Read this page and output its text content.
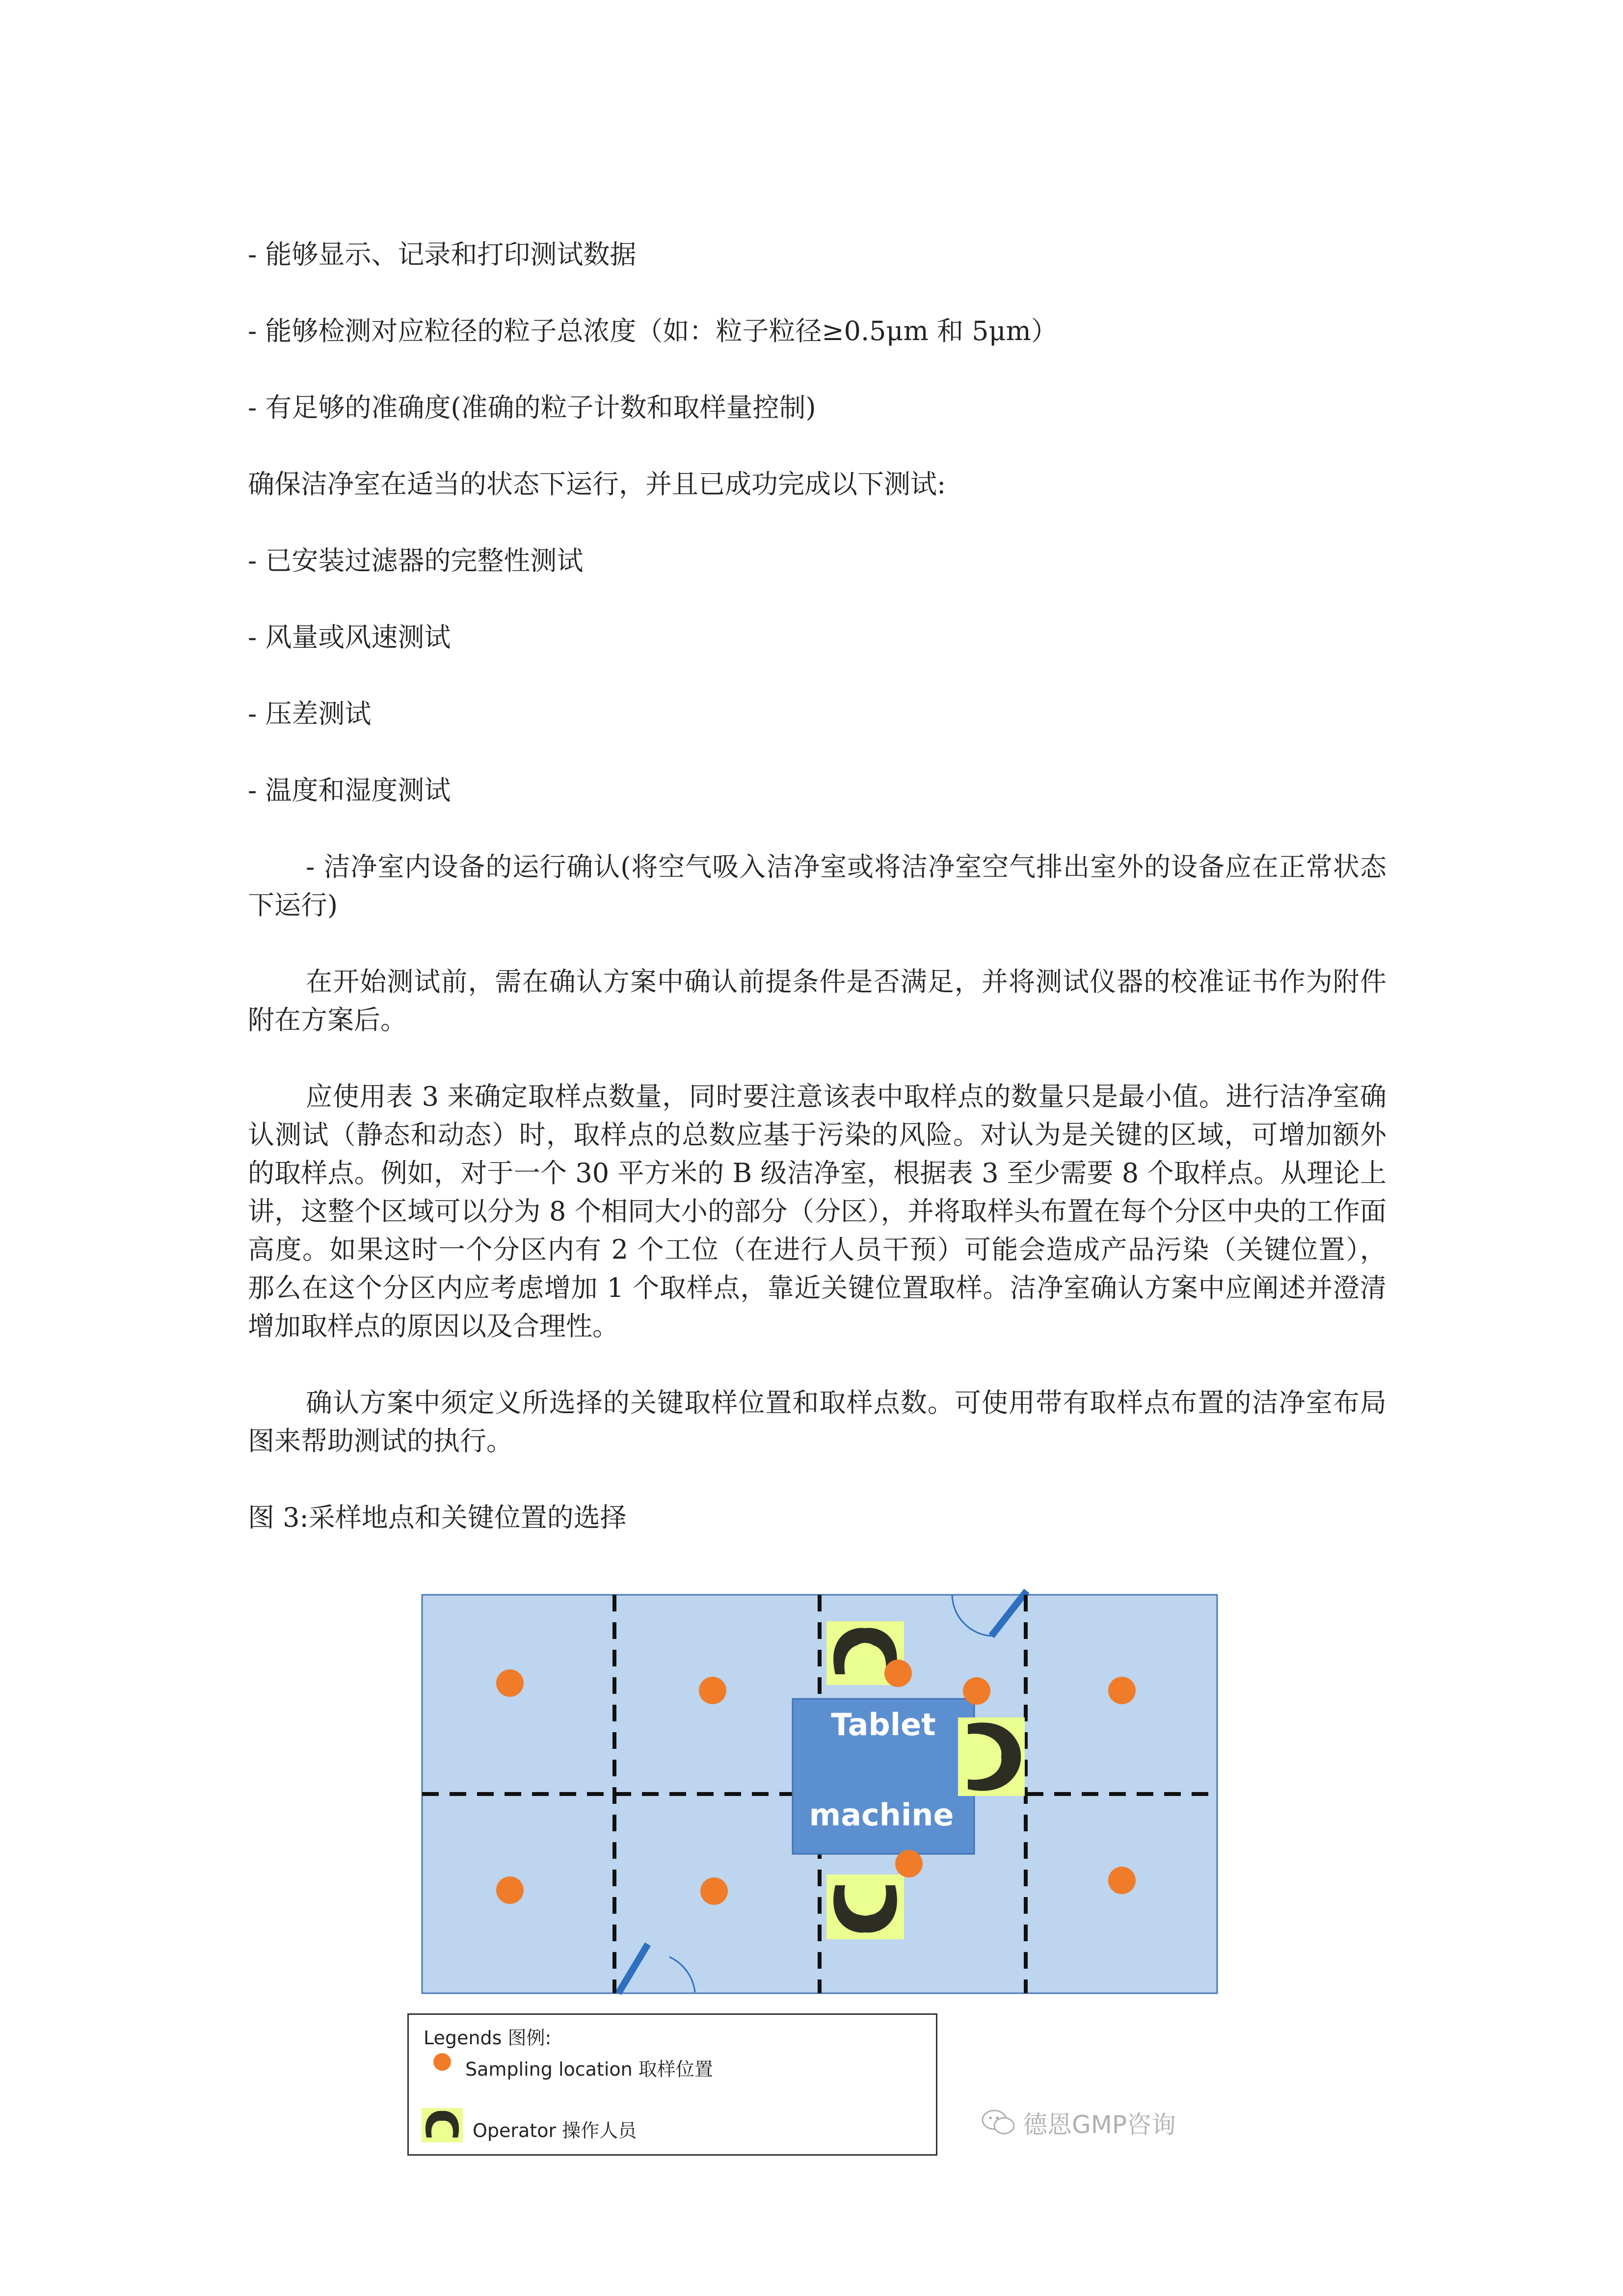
- 能够显示、记录和打印测试数据

- 能够检测对应粒径的粒子总浓度（如：粒子粒径≥0.5μm 和 5μm）

- 有足够的准确度(准确的粒子计数和取样量控制)

确保洁净室在适当的状态下运行，并且已成功完成以下测试:

- 已安装过滤器的完整性测试

- 风量或风速测试

- 压差测试

- 温度和湿度测试

- 洁净室内设备的运行确认(将空气吸入洁净室或将洁净室空气排出室外的设备应在正常状态下运行)

在开始测试前，需在确认方案中确认前提条件是否满足，并将测试仪器的校准证书作为附件附在方案后。

应使用表 3 来确定取样点数量，同时要注意该表中取样点的数量只是最小值。进行洁净室确认测试（静态和动态）时，取样点的总数应基于污染的风险。对认为是关键的区域，可增加额外的取样点。例如，对于一个 30 平方米的 B 级洁净室，根据表 3 至少需要 8 个取样点。从理论上讲，这整个区域可以分为 8 个相同大小的部分（分区），并将取样头布置在每个分区中央的工作面高度。如果这时一个分区内有 2 个工位（在进行人员干预）可能会造成产品污染（关键位置）， 那么在这个分区内应考虑增加 1 个取样点，靠近关键位置取样。洁净室确认方案中应阐述并澄清增加取样点的原因以及合理性。

确认方案中须定义所选择的关键取样位置和取样点数。可使用带有取样点布置的洁净室布局图来帮助测试的执行。

图 3:采样地点和关键位置的选择

Tablet
machine
Legends 图例:
Sampling location 取样位置
Operator 操作人员	德恩GMP咨询
